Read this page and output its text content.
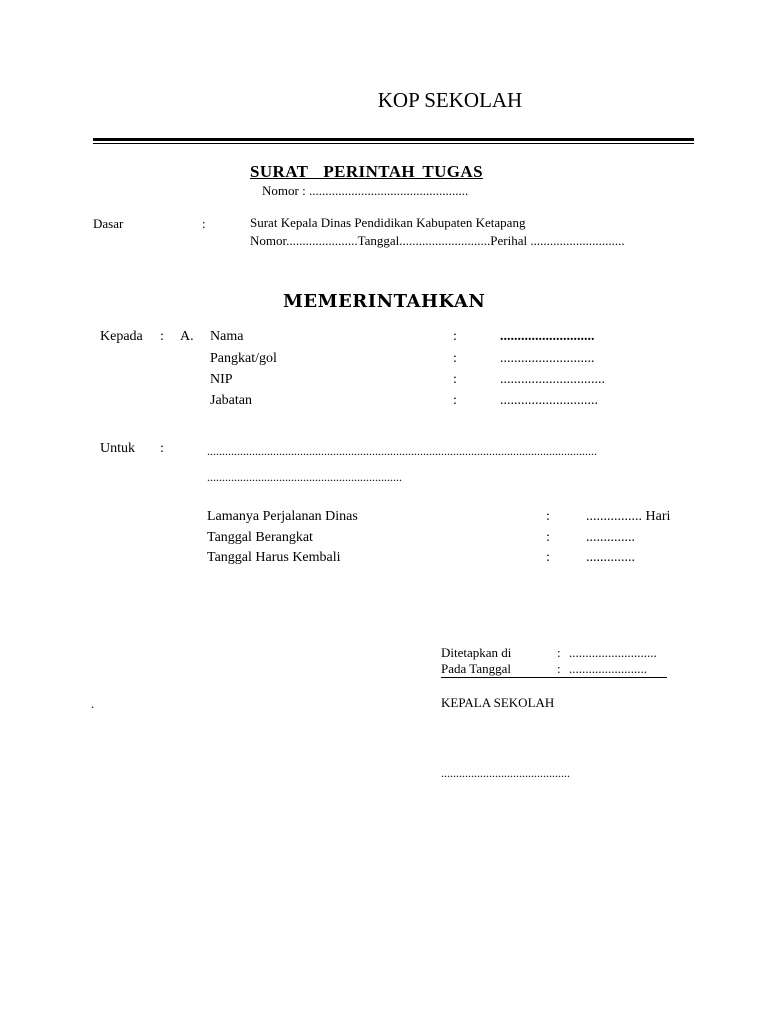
KOP SEKOLAH
SURAT  PERINTAH TUGAS
Nomor : .................................................
Dasar	:	Surat Kepala Dinas Pendidikan Kabupaten Ketapang
Nomor......................Tanggal............................Perihal .............................
MEMERINTAHKAN
Kepada : A. Nama	:	...........................
Pangkat/gol	:	...........................
NIP	:	..............................
Jabatan	:	............................
Untuk :	..................................................................................................................................
.................................................................
Lamanya Perjalanan Dinas	:	................ Hari
Tanggal Berangkat	:	..............
Tanggal Harus Kembali	:	..............
Ditetapkan di	: ...........................
Pada Tanggal	: ........................
.	KEPALA SEKOLAH
...........................................
